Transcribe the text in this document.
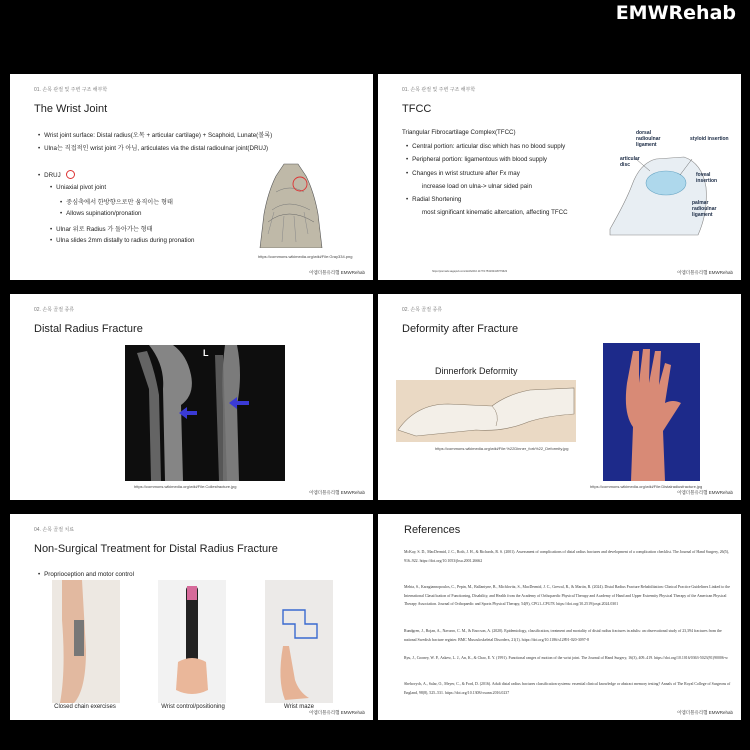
EMWRehab
01. 손목 관절 및 주변 구조 해부학
The Wrist Joint
• Wrist joint surface: Distal radius(오목 + articular cartilage) + Scaphoid, Lunate(볼록)
• Ulna는 직접적인 wrist joint 가 아님, articulates via the distal radioulnar joint(DRUJ)
• DRUJ
• Uniaxial pivot joint
• 중심축에서 한방향으로만 움직이는 형태
• Allows supination/pronation
• Ulnar 위로 Radius 가 돌아가는 형태
• Ulna slides 2mm distally to radius during pronation
https://commons.wikimedia.org/wiki/File:Gray334.png
이엠더블유리햅 EMWRehab
01. 손목 관절 및 주변 구조 해부학
TFCC
Triangular Fibrocartilage Complex(TFCC)
• Central portion: articular disc which has no blood supply
• Peripheral portion: ligamentous with blood supply
• Changes in wrist structure after Fx may
increase load on ulna-> ulnar sided pain
• Radial Shortening
most significant kinematic altercation, affecting TFCC
dorsal radioulnar ligament
styloid insertion
articular disc
foveal insertion
palmar radioulnar ligament
https://journals.sagepub.com/doi/full/10.1177/1753193418779623	이엠더블유리햅 EMWRehab
02. 손목 골절 종류
Distal Radius Fracture
L
https://commons.wikimedia.org/wiki/File:Collesfracture.jpg
이엠더블유리햅 EMWRehab
02. 손목 골절 종류
Deformity after Fracture
Dinnerfork Deformity
https://commons.wikimedia.org/wiki/File:%22Dinner_fork%22_Deformity.jpg
https://commons.wikimedia.org/wiki/File:Distalradiusfracture.jpg
이엠더블유리햅 EMWRehab
04. 손목 골절 치료
Non-Surgical Treatment for Distal Radius Fracture
• Proprioception and motor control
Closed chain exercises	Wrist control/positioning	Wrist maze
이엠더블유리햅 EMWRehab
References
McKay, S. D., MacDermid, J. C., Roth, J. H., & Richards, R. S. (2001). Assessment of complications of distal radius fractures and development of a complication checklist. The Journal of Hand Surgery, 26(5), 916–922. https://doi.org/10.1053/jhsu.2001.26662
Mehta, S., Karagiannopoulos, C., Pepin, M., Ballantyne, B., Michlovitz, S., MacDermid, J. C., Grewal, R., & Martin, R. (2024). Distal Radius Fracture Rehabilitation: Clinical Practice Guidelines Linked to the International Classification of Functioning, Disability, and Health from the Academy of Orthopaedic Physical Therapy and Academy of Hand and Upper Extremity Physical Therapy of the American Physical Therapy Association. Journal of Orthopaedic and Sports Physical Therapy, 54(9), CPG1–CPG78. https://doi.org/10.2519/jospt.2024.0301
Rundgren, J., Bojan, A., Navarro, C. M., & Enocson, A. (2020). Epidemiology, classification, treatment and mortality of distal radius fractures in adults: an observational study of 23,394 fractures from the national Swedish fracture register. BMC Musculoskeletal Disorders, 21(1). https://doi.org/10.1186/s12891-020-3097-8
Ryu, J., Cooney, W. P., Askew, L. J., An, K., & Chao, E. Y. (1991). Functional ranges of motion of the wrist joint. The Journal of Hand Surgery, 16(3), 409–419. https://doi.org/10.1016/0363-5023(91)90006-w
Shehovych, A., Salar, O., Meyer, C., & Ford, D. (2016). Adult distal radius fractures classification systems: essential clinical knowledge or abstract memory testing? Annals of The Royal College of Surgeons of England, 98(8), 525–531. https://doi.org/10.1308/rcsann.2016.0237
이엠더블유리햅 EMWRehab
